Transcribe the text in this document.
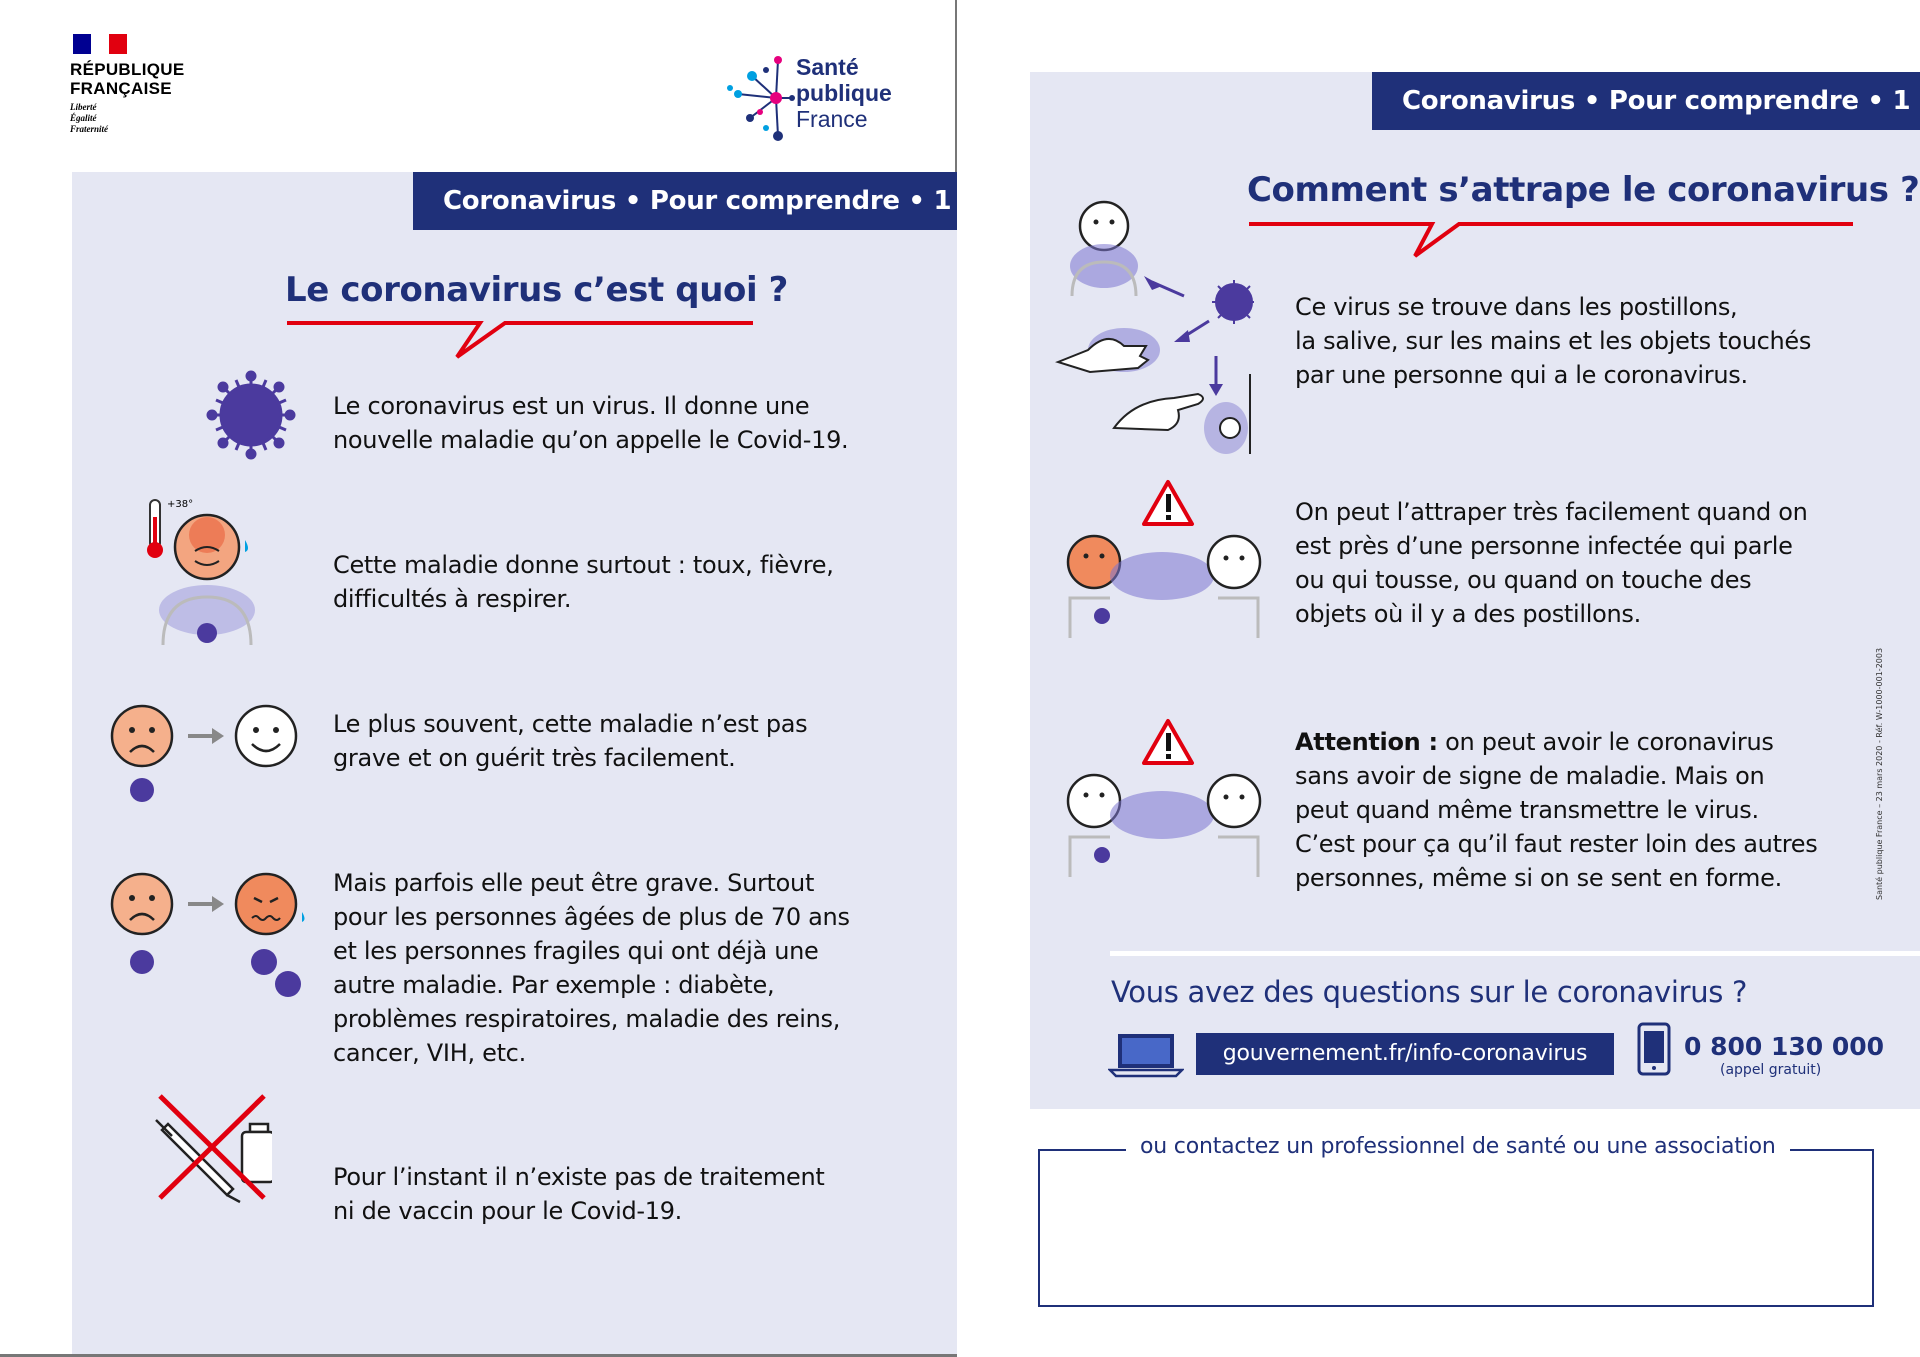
RÉPUBLIQUE
FRANÇAISE
Liberté
Égalité
Fraternité
Santé
publique
France
Coronavirus • Pour comprendre • 1
Le coronavirus c’est quoi ?
Le coronavirus est un virus. Il donne une
nouvelle maladie qu’on appelle le Covid-19.
+38°
Cette maladie donne surtout : toux, fièvre,
difficultés à respirer.
Le plus souvent, cette maladie n’est pas
grave et on guérit très facilement.
Mais parfois elle peut être grave. Surtout
pour les personnes âgées de plus de 70 ans
et les personnes fragiles qui ont déjà une
autre maladie. Par exemple : diabète,
problèmes respiratoires, maladie des reins,
cancer, VIH, etc.
Pour l’instant il n’existe pas de traitement
ni de vaccin pour le Covid-19.
Coronavirus • Pour comprendre • 1
Comment s’attrape le coronavirus ?
Ce virus se trouve dans les postillons,
la salive, sur les mains et les objets touchés
par une personne qui a le coronavirus.
On peut l’attraper très facilement quand on
est près d’une personne infectée qui parle
ou qui tousse, ou quand on touche des
objets où il y a des postillons.
Attention : on peut avoir le coronavirus
sans avoir de signe de maladie. Mais on
peut quand même transmettre le virus.
C’est pour ça qu’il faut rester loin des autres
personnes, même si on se sent en forme.
Vous avez des questions sur le coronavirus ?
gouvernement.fr/info-coronavirus	0 800 130 000
(appel gratuit)
ou contactez un professionnel de santé ou une association
Santé publique France – 23 mars 2020 - Réf. W-1000-001-2003
